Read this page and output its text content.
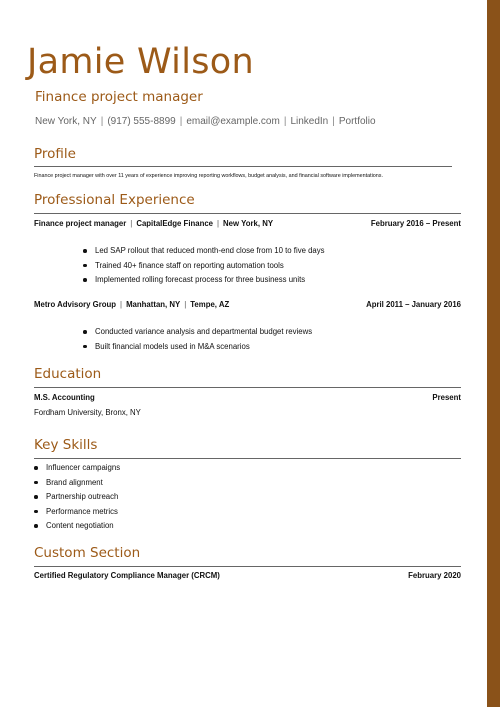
Jamie Wilson
Finance project manager
New York, NY | (917) 555-8899 | email@example.com | LinkedIn | Portfolio
Profile
Finance project manager with over 11 years of experience improving reporting workflows, budget analysis, and financial software implementations.
Professional Experience
Finance project manager | CapitalEdge Finance | New York, NY	February 2016 – Present
Led SAP rollout that reduced month-end close from 10 to five days
Trained 40+ finance staff on reporting automation tools
Implemented rolling forecast process for three business units
Metro Advisory Group | Manhattan, NY | Tempe, AZ	April 2011 – January 2016
Conducted variance analysis and departmental budget reviews
Built financial models used in M&A scenarios
Education
M.S. Accounting	Present
Fordham University, Bronx, NY
Key Skills
Influencer campaigns
Brand alignment
Partnership outreach
Performance metrics
Content negotiation
Custom Section
Certified Regulatory Compliance Manager (CRCM)	February 2020
